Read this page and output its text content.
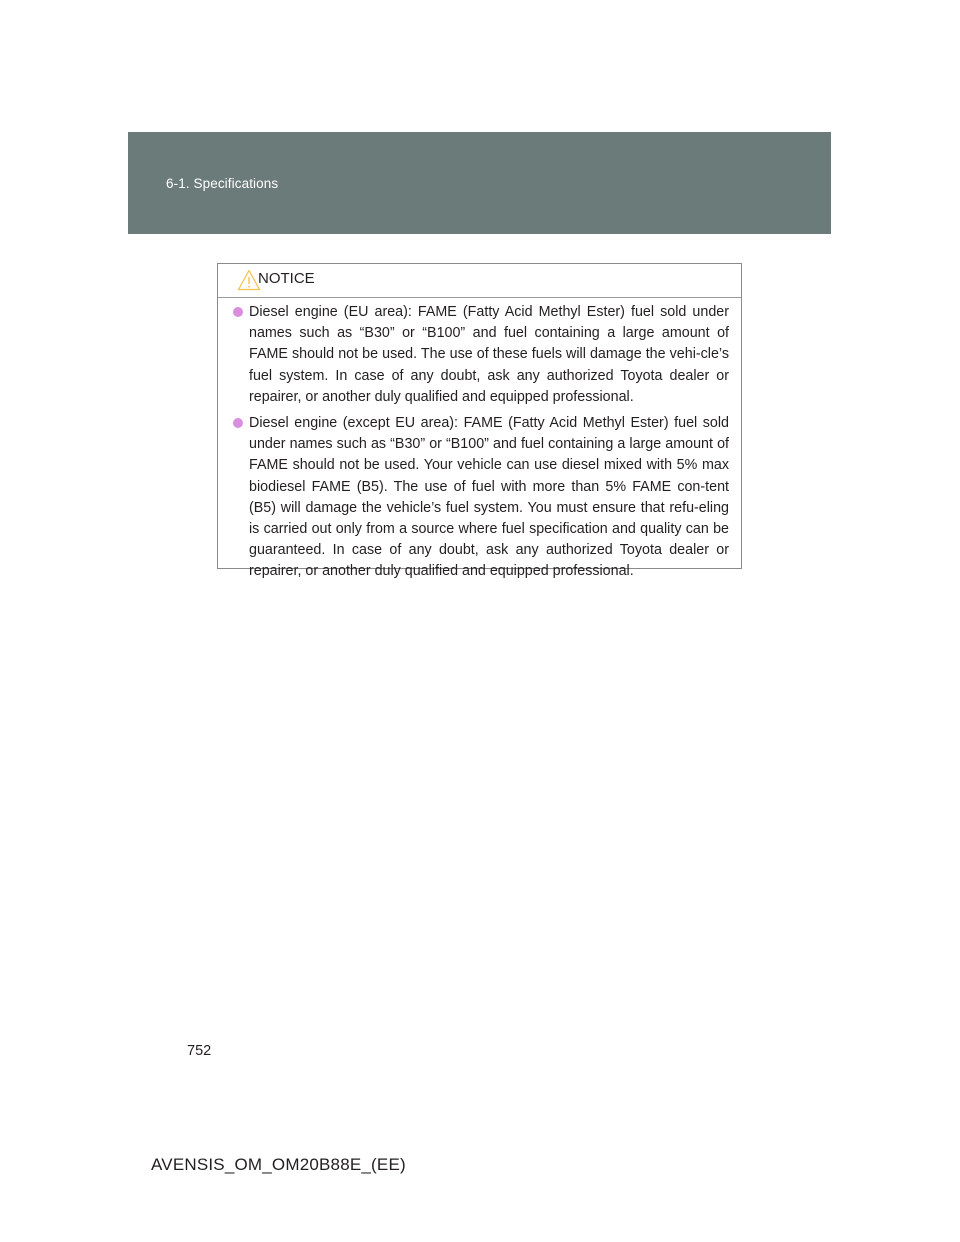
6-1. Specifications
NOTICE
Diesel engine (EU area): FAME (Fatty Acid Methyl Ester) fuel sold under names such as “B30” or “B100” and fuel containing a large amount of FAME should not be used. The use of these fuels will damage the vehi-cle’s fuel system. In case of any doubt, ask any authorized Toyota dealer or repairer, or another duly qualified and equipped professional.
Diesel engine (except EU area): FAME (Fatty Acid Methyl Ester) fuel sold under names such as “B30” or “B100” and fuel containing a large amount of FAME should not be used. Your vehicle can use diesel mixed with 5% max biodiesel FAME (B5). The use of fuel with more than 5% FAME con-tent (B5) will damage the vehicle’s fuel system. You must ensure that refu-eling is carried out only from a source where fuel specification and quality can be guaranteed. In case of any doubt, ask any authorized Toyota dealer or repairer, or another duly qualified and equipped professional.
752
AVENSIS_OM_OM20B88E_(EE)
